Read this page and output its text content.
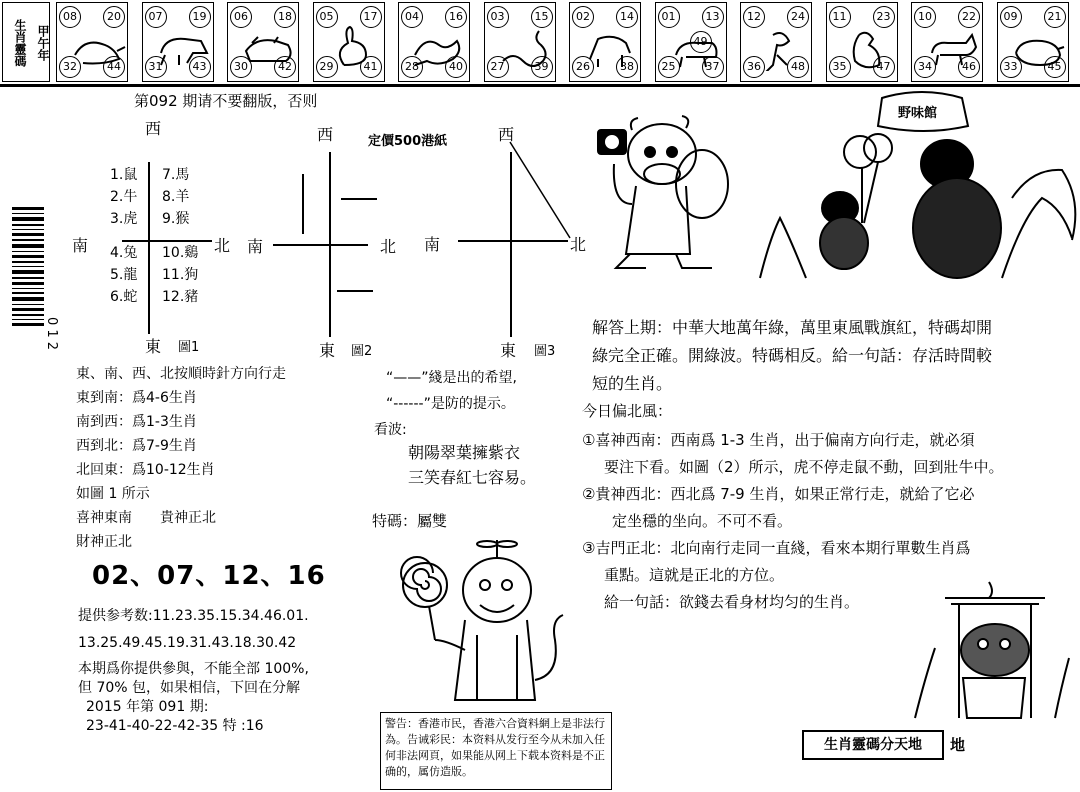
生肖靈碼 甲午年
08	20
32	44
07	19
31	43
06	18
30	42
05	17
29	41
04	16
28	40
03	15
27	39
02	14
26	38
01	13
25	37
49
12	24
36	48
11	23
35	47
10	22
34	46
09	21
33	45
第092 期请不要翻版，否则
定價500港紙
0 1 2
西
南	北
1.鼠
2.牛
3.虎
4.兔
5.龍
6.蛇
7.馬
8.羊
9.猴
10.鷄
11.狗
12.豬
東 圖1
西
南
東 圖2
北
西
南	北
東 圖3
東、南、西、北按順時針方向行走
東到南：爲4-6生肖
南到西：爲1-3生肖
西到北：爲7-9生肖
北回東：爲10-12生肖
如圖 1 所示
喜神東南　　貴神正北
財神正北
02、07、12、16
提供参考数:11.23.35.15.34.46.01.
13.25.49.45.19.31.43.18.30.42
本期爲你提供參與，不能全部 100%,
但 70% 包，如果相信，下回在分解
2015 年第 091 期:
23-41-40-22-42-35 特 :16
“——”綫是出的希望,
“------”是防的提示。
看波:
朝陽翠葉擁紫衣
三笑春紅七容易。
特碼：屬雙
警告：香港市民，香港六合資料網上是非法行為。告诫彩民：本资料从发行至今从未加入任何非法网頁，如果能从网上下载本资料是不正确的，属仿造版。
野味館
解答上期：中華大地萬年綠，萬里東風戰旗紅，特碼却開
綠完全正確。開綠波。特碼相反。給一句話：存活時間較
短的生肖。
今日偏北風：
①喜神西南：西南爲 1-3 生肖，出于偏南方向行走，就必須
要注下看。如圖（2）所示，虎不停走鼠不動，回到壯牛中。
②貴神西北：西北爲 7-9 生肖，如果正常行走，就給了它必
定坐穩的坐向。不可不看。
③吉門正北：北向南行走同一直綫，看來本期行單數生肖爲
重點。這就是正北的方位。
給一句話：欲錢去看身材均匀的生肖。
生肖靈碼分天地	地
